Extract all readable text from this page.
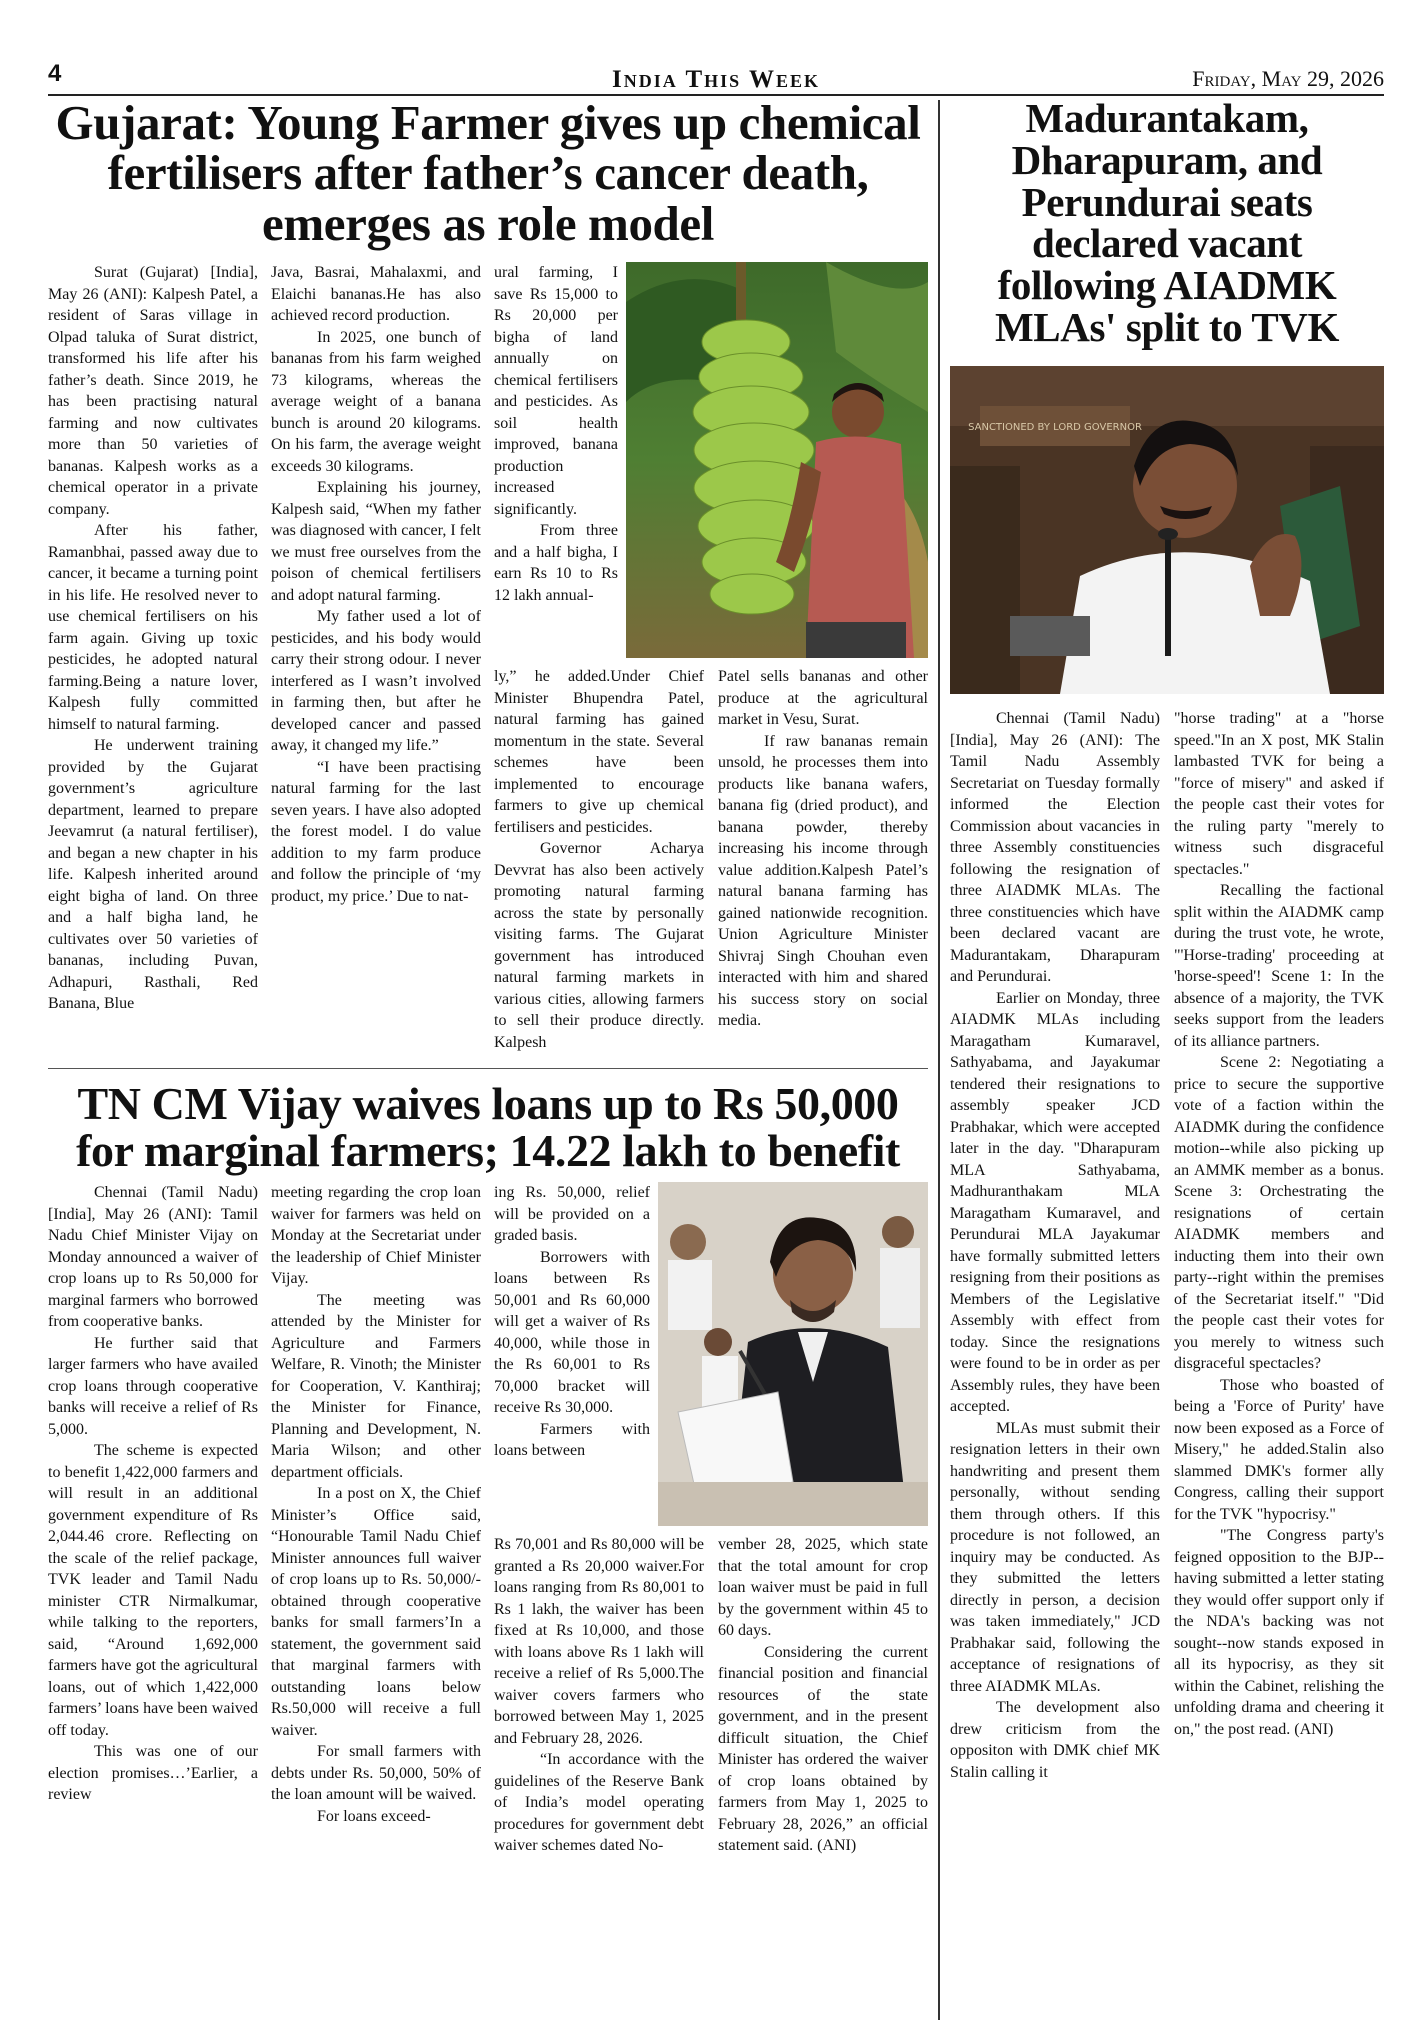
4	India This Week	Friday, May 29, 2026
Gujarat: Young Farmer gives up chemical fertilisers after father’s cancer death, emerges as role model

Surat (Gujarat) [India], May 26 (ANI): Kalpesh Patel, a resident of Saras village in Olpad taluka of Surat district, transformed his life after his father’s death. Since 2019, he has been practising natural farming and now cultivates more than 50 varieties of bananas. Kalpesh works as a chemical operator in a private company.

After his father, Ramanbhai, passed away due to cancer, it became a turning point in his life. He resolved never to use chemical fertilisers on his farm again. Giving up toxic pesticides, he adopted natural farming.Being a nature lover, Kalpesh fully committed himself to natural farming.

He underwent training provided by the Gujarat government’s agriculture department, learned to prepare Jeevamrut (a natural fertiliser), and began a new chapter in his life. Kalpesh inherited around eight bigha of land. On three and a half bigha land, he cultivates over 50 varieties of bananas, including Puvan, Adhapuri, Rasthali, Red Banana, Blue

Java, Basrai, Mahalaxmi, and Elaichi bananas.He has also achieved record production.

In 2025, one bunch of bananas from his farm weighed 73 kilograms, whereas the average weight of a banana bunch is around 20 kilograms. On his farm, the average weight exceeds 30 kilograms.

Explaining his journey, Kalpesh said, “When my father was diagnosed with cancer, I felt we must free ourselves from the poison of chemical fertilisers and adopt natural farming.

My father used a lot of pesticides, and his body would carry their strong odour. I never interfered as I wasn’t involved in farming then, but after he developed cancer and passed away, it changed my life.”

“I have been practising natural farming for the last seven years. I have also adopted the forest model. I do value addition to my farm produce and follow the principle of ‘my product, my price.’ Due to nat-

ural farming, I save Rs 15,000 to Rs 20,000 per bigha of land annually on chemical fertilisers and pesticides. As soil health improved, banana production increased significantly.

From three and a half bigha, I earn Rs 10 to Rs 12 lakh annual-

ly,” he added.Under Chief Minister Bhupendra Patel, natural farming has gained momentum in the state. Several schemes have been implemented to encourage farmers to give up chemical fertilisers and pesticides.

Governor Acharya Devvrat has also been actively promoting natural farming across the state by personally visiting farms. The Gujarat government has introduced natural farming markets in various cities, allowing farmers to sell their produce directly. Kalpesh

Patel sells bananas and other produce at the agricultural market in Vesu, Surat.

If raw bananas remain unsold, he processes them into products like banana wafers, banana fig (dried product), and banana powder, thereby increasing his income through value addition.Kalpesh Patel’s natural banana farming has gained nationwide recognition. Union Agriculture Minister Shivraj Singh Chouhan even interacted with him and shared his success story on social media.

TN CM Vijay waives loans up to Rs 50,000 for marginal farmers; 14.22 lakh to benefit

Chennai (Tamil Nadu) [India], May 26 (ANI): Tamil Nadu Chief Minister Vijay on Monday announced a waiver of crop loans up to Rs 50,000 for marginal farmers who borrowed from cooperative banks.

He further said that larger farmers who have availed crop loans through cooperative banks will receive a relief of Rs 5,000.

The scheme is expected to benefit 1,422,000 farmers and will result in an additional government expenditure of Rs 2,044.46 crore. Reflecting on the scale of the relief package, TVK leader and Tamil Nadu minister CTR Nirmalkumar, while talking to the reporters, said, “Around 1,692,000 farmers have got the agricultural loans, out of which 1,422,000 farmers’ loans have been waived off today.

This was one of our election promises…’Earlier, a review

meeting regarding the crop loan waiver for farmers was held on Monday at the Secretariat under the leadership of Chief Minister Vijay.

The meeting was attended by the Minister for Agriculture and Farmers Welfare, R. Vinoth; the Minister for Cooperation, V. Kanthiraj; the Minister for Finance, Planning and Development, N. Maria Wilson; and other department officials.

In a post on X, the Chief Minister’s Office said, “Honourable Tamil Nadu Chief Minister announces full waiver of crop loans up to Rs. 50,000/- obtained through cooperative banks for small farmers’In a statement, the government said that marginal farmers with outstanding loans below Rs.50,000 will receive a full waiver.

For small farmers with debts under Rs. 50,000, 50% of the loan amount will be waived.

For loans exceed-

ing Rs. 50,000, relief will be provided on a graded basis.

Borrowers with loans between Rs 50,001 and Rs 60,000 will get a waiver of Rs 40,000, while those in the Rs 60,001 to Rs 70,000 bracket will receive Rs 30,000.

Farmers with loans between

Rs 70,001 and Rs 80,000 will be granted a Rs 20,000 waiver.For loans ranging from Rs 80,001 to Rs 1 lakh, the waiver has been fixed at Rs 10,000, and those with loans above Rs 1 lakh will receive a relief of Rs 5,000.The waiver covers farmers who borrowed between May 1, 2025 and February 28, 2026.

“In accordance with the guidelines of the Reserve Bank of India’s model operating procedures for government debt waiver schemes dated No-

vember 28, 2025, which state that the total amount for crop loan waiver must be paid in full by the government within 45 to 60 days.

Considering the current financial position and financial resources of the state government, and in the present difficult situation, the Chief Minister has ordered the waiver of crop loans obtained by farmers from May 1, 2025 to February 28, 2026,” an official statement said. (ANI)

Madurantakam, Dharapuram, and Perundurai seats declared vacant following AIADMK MLAs' split to TVK
SANCTIONED BY LORD GOVERNOR

Chennai (Tamil Nadu) [India], May 26 (ANI): The Tamil Nadu Assembly Secretariat on Tuesday formally informed the Election Commission about vacancies in three Assembly constituencies following the resignation of three AIADMK MLAs. The three constituencies which have been declared vacant are Madurantakam, Dharapuram and Perundurai.

Earlier on Monday, three AIADMK MLAs including Maragatham Kumaravel, Sathyabama, and Jayakumar tendered their resignations to assembly speaker JCD Prabhakar, which were accepted later in the day. "Dharapuram MLA Sathyabama, Madhuranthakam MLA Maragatham Kumaravel, and Perundurai MLA Jayakumar have formally submitted letters resigning from their positions as Members of the Legislative Assembly with effect from today. Since the resignations were found to be in order as per Assembly rules, they have been accepted.

MLAs must submit their resignation letters in their own handwriting and present them personally, without sending them through others. If this procedure is not followed, an inquiry may be conducted. As they submitted the letters directly in person, a decision was taken immediately," JCD Prabhakar said, following the acceptance of resignations of three AIADMK MLAs.

The development also drew criticism from the oppositon with DMK chief MK Stalin calling it

"horse trading" at a "horse speed."In an X post, MK Stalin lambasted TVK for being a "force of misery" and asked if the people cast their votes for the ruling party "merely to witness such disgraceful spectacles."

Recalling the factional split within the AIADMK camp during the trust vote, he wrote, "'Horse-trading' proceeding at 'horse-speed'! Scene 1: In the absence of a majority, the TVK seeks support from the leaders of its alliance partners.

Scene 2: Negotiating a price to secure the supportive vote of a faction within the AIADMK during the confidence motion--while also picking up an AMMK member as a bonus. Scene 3: Orchestrating the resignations of certain AIADMK members and inducting them into their own party--right within the premises of the Secretariat itself." "Did the people cast their votes for you merely to witness such disgraceful spectacles?

Those who boasted of being a 'Force of Purity' have now been exposed as a Force of Misery," he added.Stalin also slammed DMK's former ally Congress, calling their support for the TVK "hypocrisy."

"The Congress party's feigned opposition to the BJP--having submitted a letter stating they would offer support only if the NDA's backing was not sought--now stands exposed in all its hypocrisy, as they sit within the Cabinet, relishing the unfolding drama and cheering it on," the post read. (ANI)
